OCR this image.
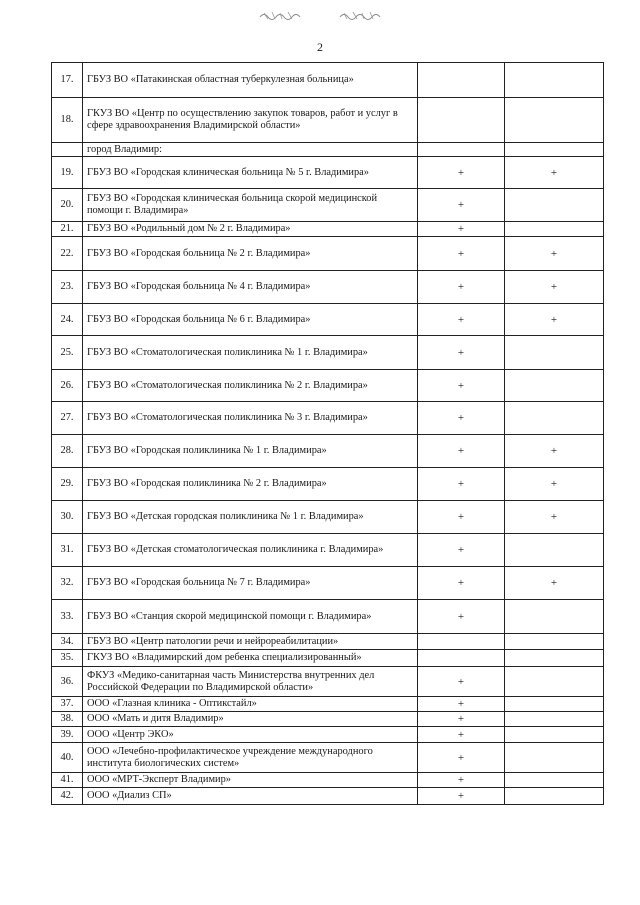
2
17.	ГБУЗ ВО «Патакинская областная туберкулезная больница»		
18.	ГКУЗ ВО «Центр по осуществлению закупок товаров, работ и услуг в сфере здравоохранения Владимирской области»		
	город Владимир:		
19.	ГБУЗ ВО «Городская клиническая больница № 5 г. Владимира»	+	+
20.	ГБУЗ ВО «Городская клиническая больница скорой медицинской помощи г. Владимира»	+	
21.	ГБУЗ ВО «Родильный дом № 2 г. Владимира»	+	
22.	ГБУЗ ВО «Городская больница № 2 г. Владимира»	+	+
23.	ГБУЗ ВО «Городская больница № 4 г. Владимира»	+	+
24.	ГБУЗ ВО «Городская больница № 6 г. Владимира»	+	+
25.	ГБУЗ ВО «Стоматологическая поликлиника № 1 г. Владимира»	+	
26.	ГБУЗ ВО «Стоматологическая поликлиника № 2 г. Владимира»	+	
27.	ГБУЗ ВО «Стоматологическая поликлиника № 3 г. Владимира»	+	
28.	ГБУЗ ВО «Городская поликлиника № 1 г. Владимира»	+	+
29.	ГБУЗ ВО «Городская поликлиника № 2 г. Владимира»	+	+
30.	ГБУЗ ВО «Детская городская поликлиника № 1 г. Владимира»	+	+
31.	ГБУЗ ВО «Детская стоматологическая поликлиника г. Владимира»	+	
32.	ГБУЗ ВО «Городская больница № 7 г. Владимира»	+	+
33.	ГБУЗ ВО «Станция скорой медицинской помощи г. Владимира»	+	
34.	ГБУЗ ВО «Центр патологии речи и нейрореабилитации»		
35.	ГКУЗ ВО «Владимирский дом ребенка специализированный»		
36.	ФКУЗ «Медико-санитарная часть Министерства внутренних дел Российской Федерации по Владимирской области»	+	
37.	ООО «Глазная клиника - Оптикстайл»	+	
38.	ООО «Мать и дитя Владимир»	+	
39.	ООО «Центр ЭКО»	+	
40.	ООО «Лечебно-профилактическое учреждение международного института биологических систем»	+	
41.	ООО «МРТ-Эксперт Владимир»	+	
42.	ООО «Диализ СП»	+	
